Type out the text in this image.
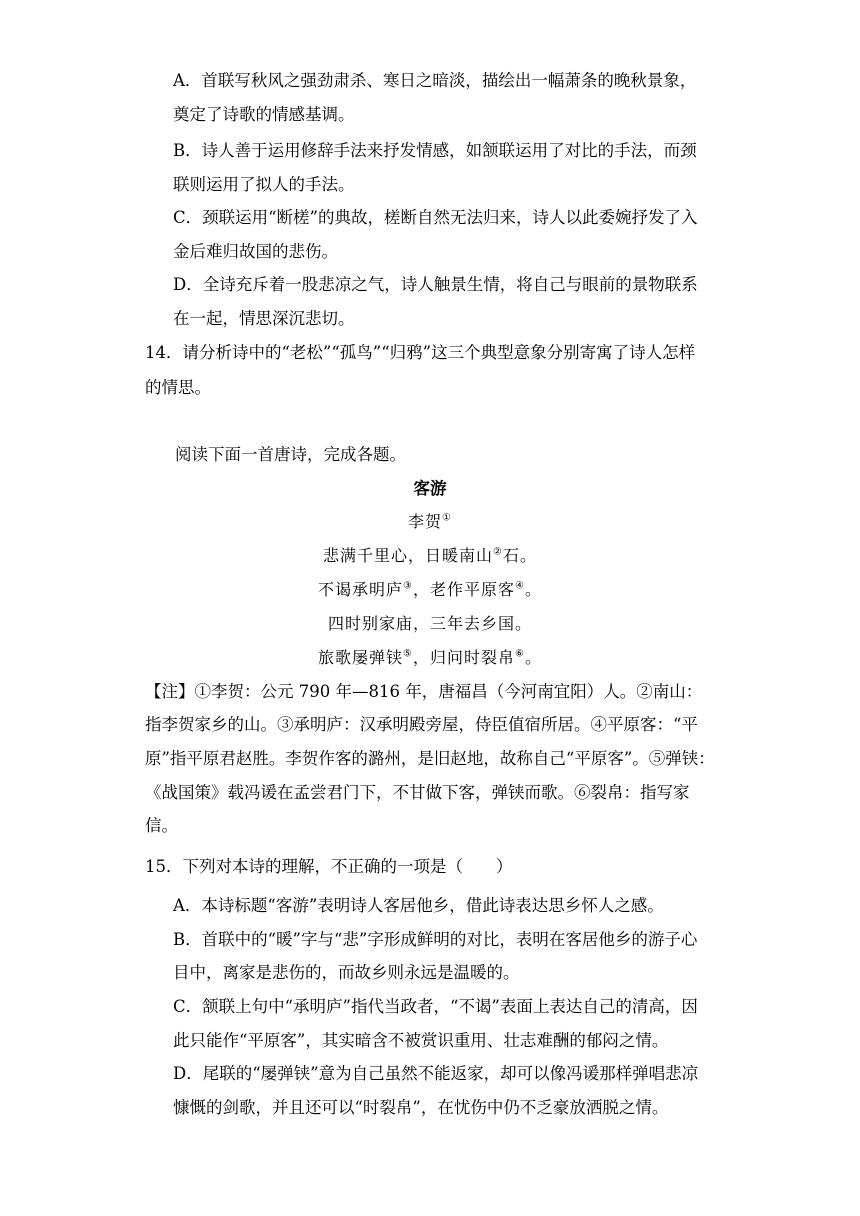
A．首联写秋风之强劲肃杀、寒日之暗淡，描绘出一幅萧条的晚秋景象，
奠定了诗歌的情感基调。
B．诗人善于运用修辞手法来抒发情感，如颔联运用了对比的手法，而颈
联则运用了拟人的手法。
C．颈联运用“断槎”的典故，槎断自然无法归来，诗人以此委婉抒发了入
金后难归故国的悲伤。
D．全诗充斥着一股悲凉之气，诗人触景生情，将自己与眼前的景物联系
在一起，情思深沉悲切。
14．请分析诗中的“老松”“孤鸟”“归鸦”这三个典型意象分别寄寓了诗人怎样
的情思。
阅读下面一首唐诗，完成各题。
客游
李贺①
悲满千里心，日暖南山②石。
不谒承明庐③，老作平原客④。
四时别家庙，三年去乡国。
旅歌屡弹铗⑤，归问时裂帛⑥。
【注】①李贺：公元 790 年—816 年，唐福昌（今河南宜阳）人。②南山：
指李贺家乡的山。③承明庐：汉承明殿旁屋，侍臣值宿所居。④平原客：“平
原”指平原君赵胜。李贺作客的潞州，是旧赵地，故称自己“平原客”。⑤弹铗：
《战国策》载冯谖在孟尝君门下，不甘做下客，弹铗而歌。⑥裂帛：指写家
信。
15．下列对本诗的理解，不正确的一项是（　　）
A．本诗标题“客游”表明诗人客居他乡，借此诗表达思乡怀人之感。
B．首联中的“暖”字与“悲”字形成鲜明的对比，表明在客居他乡的游子心
目中，离家是悲伤的，而故乡则永远是温暖的。
C．颔联上句中“承明庐”指代当政者，“不谒”表面上表达自己的清高，因
此只能作“平原客”，其实暗含不被赏识重用、壮志难酬的郁闷之情。
D．尾联的“屡弹铗”意为自己虽然不能返家，却可以像冯谖那样弹唱悲凉
慷慨的剑歌，并且还可以“时裂帛”，在忧伤中仍不乏豪放洒脱之情。
